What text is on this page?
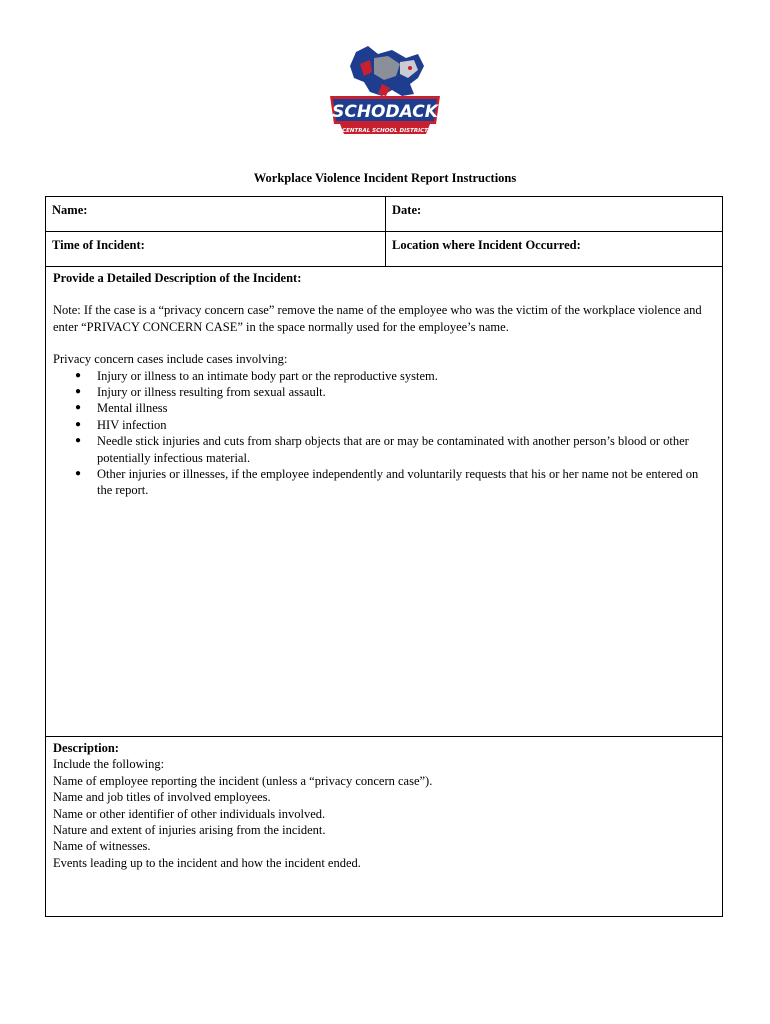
SCHODACK
CENTRAL SCHOOL DISTRICT
Workplace Violence Incident Report Instructions
Name:	Date:
Time of Incident:	Location where Incident Occurred:

Provide a Detailed Description of the Incident:

Note: If the case is a “privacy concern case” remove the name of the employee who was the victim of the workplace violence and enter “PRIVACY CONCERN CASE” in the space normally used for the employee’s name.

Privacy concern cases include cases involving:

● Injury or illness to an intimate body part or the reproductive system.
● Injury or illness resulting from sexual assault.
● Mental illness
● HIV infection
● Needle stick injuries and cuts from sharp objects that are or may be contaminated with another person’s blood or other potentially infectious material.
● Other injuries or illnesses, if the employee independently and voluntarily requests that his or her name not be entered on the report.

Description:

Include the following:

Name of employee reporting the incident (unless a “privacy concern case”).

Name and job titles of involved employees.

Name or other identifier of other individuals involved.

Nature and extent of injuries arising from the incident.

Name of witnesses.

Events leading up to the incident and how the incident ended.
